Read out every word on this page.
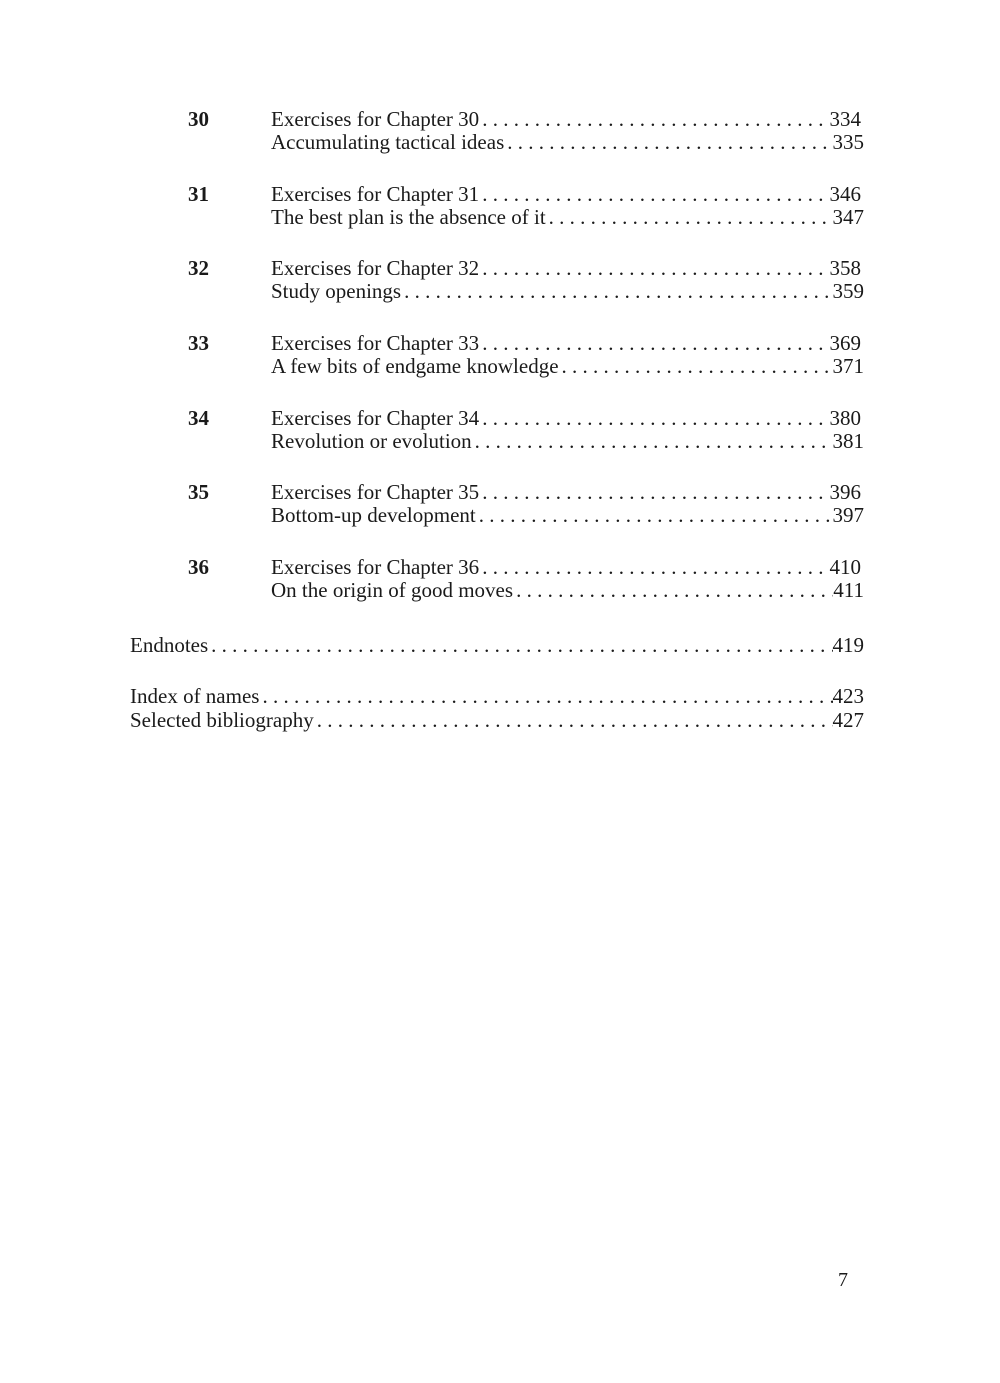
30	Exercises for Chapter 30 . . .	334
Accumulating tactical ideas . . .	335
31	Exercises for Chapter 31 . . .	346
The best plan is the absence of it . . .	347
32	Exercises for Chapter 32 . . .	358
Study openings . . .	359
33	Exercises for Chapter 33 . . .	369
A few bits of endgame knowledge . . .	371
34	Exercises for Chapter 34 . . .	380
Revolution or evolution . . .	381
35	Exercises for Chapter 35 . . .	396
Bottom-up development . . .	397
36	Exercises for Chapter 36 . . .	410
On the origin of good moves . . .	411
Endnotes . . .	419
Index of names . . .	423
Selected bibliography . . .	427
7
